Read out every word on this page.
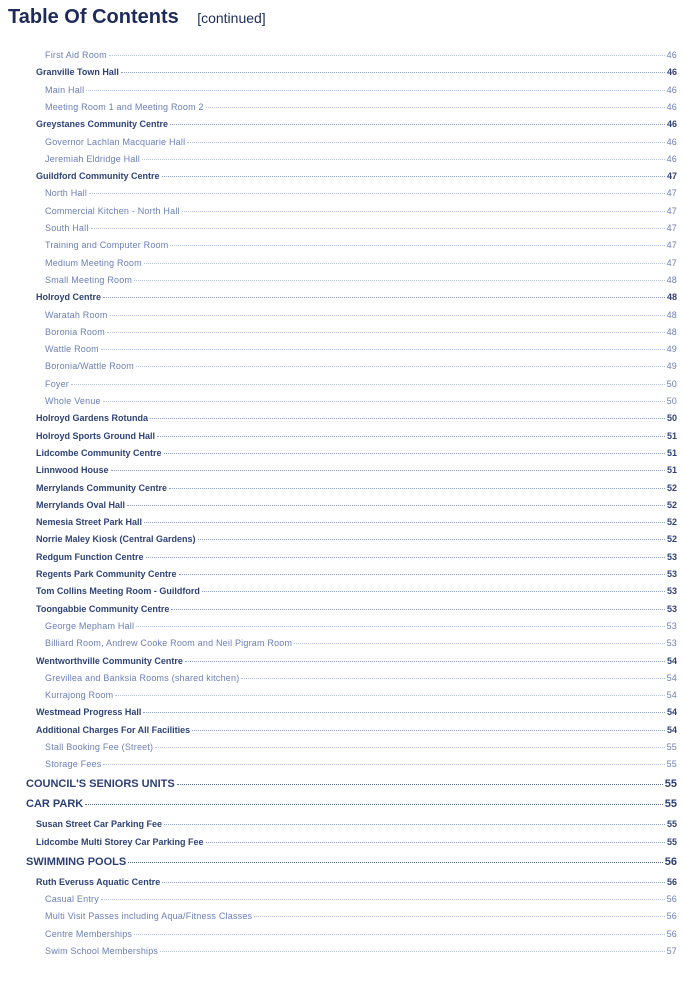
Table Of Contents [continued]
First Aid Room	46
Granville Town Hall	46
Main Hall	46
Meeting Room 1 and Meeting Room 2	46
Greystanes Community Centre	46
Governor Lachlan Macquarie Hall	46
Jeremiah Eldridge Hall	46
Guildford Community Centre	47
North Hall	47
Commercial Kitchen - North Hall	47
South Hall	47
Training and Computer Room	47
Medium Meeting Room	47
Small Meeting Room	48
Holroyd Centre	48
Waratah Room	48
Boronia Room	48
Wattle Room	49
Boronia/Wattle Room	49
Foyer	50
Whole Venue	50
Holroyd Gardens Rotunda	50
Holroyd Sports Ground Hall	51
Lidcombe Community Centre	51
Linnwood House	51
Merrylands Community Centre	52
Merrylands Oval Hall	52
Nemesia Street Park Hall	52
Norrie Maley Kiosk (Central Gardens)	52
Redgum Function Centre	53
Regents Park Community Centre	53
Tom Collins Meeting Room - Guildford	53
Toongabbie Community Centre	53
George Mepham Hall	53
Billiard Room, Andrew Cooke Room and Neil Pigram Room	53
Wentworthville Community Centre	54
Grevillea and Banksia Rooms (shared kitchen)	54
Kurrajong Room	54
Westmead Progress Hall	54
Additional Charges For All Facilities	54
Stall Booking Fee (Street)	55
Storage Fees	55
COUNCIL'S SENIORS UNITS	55
CAR PARK	55
Susan Street Car Parking Fee	55
Lidcombe Multi Storey Car Parking Fee	55
SWIMMING POOLS	56
Ruth Everuss Aquatic Centre	56
Casual Entry	56
Multi Visit Passes including Aqua/Fitness Classes	56
Centre Memberships	56
Swim School Memberships	57
